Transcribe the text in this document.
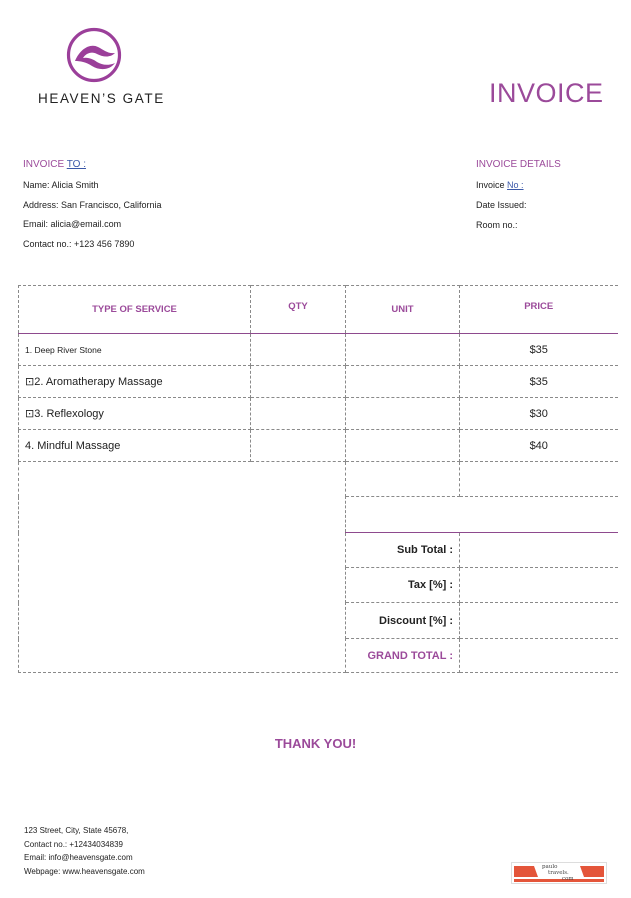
HEAVEN’S GATE	INVOICE
INVOICE TO :
Name: Alicia Smith
Address: San Francisco, California
Email: alicia@email.com
Contact no.: +123 456 7890
INVOICE DETAILS
Invoice No :
Date Issued:
Room no.:
TYPE OF SERVICE	QTY	UNIT	PRICE
1. Deep River Stone			$35
⊡2. Aromatherapy Massage			$35
⊡3. Reflexology			$30
4. Mindful Massage			$40

		Sub Total :	
		Tax [%] :	
		Discount [%] :	
		GRAND TOTAL :	
THANK YOU!
123 Street, City, State 45678,
Contact no.: +12434034839
Email: info@heavensgate.com
Webpage: www.heavensgate.com	paulo
travels.
com
